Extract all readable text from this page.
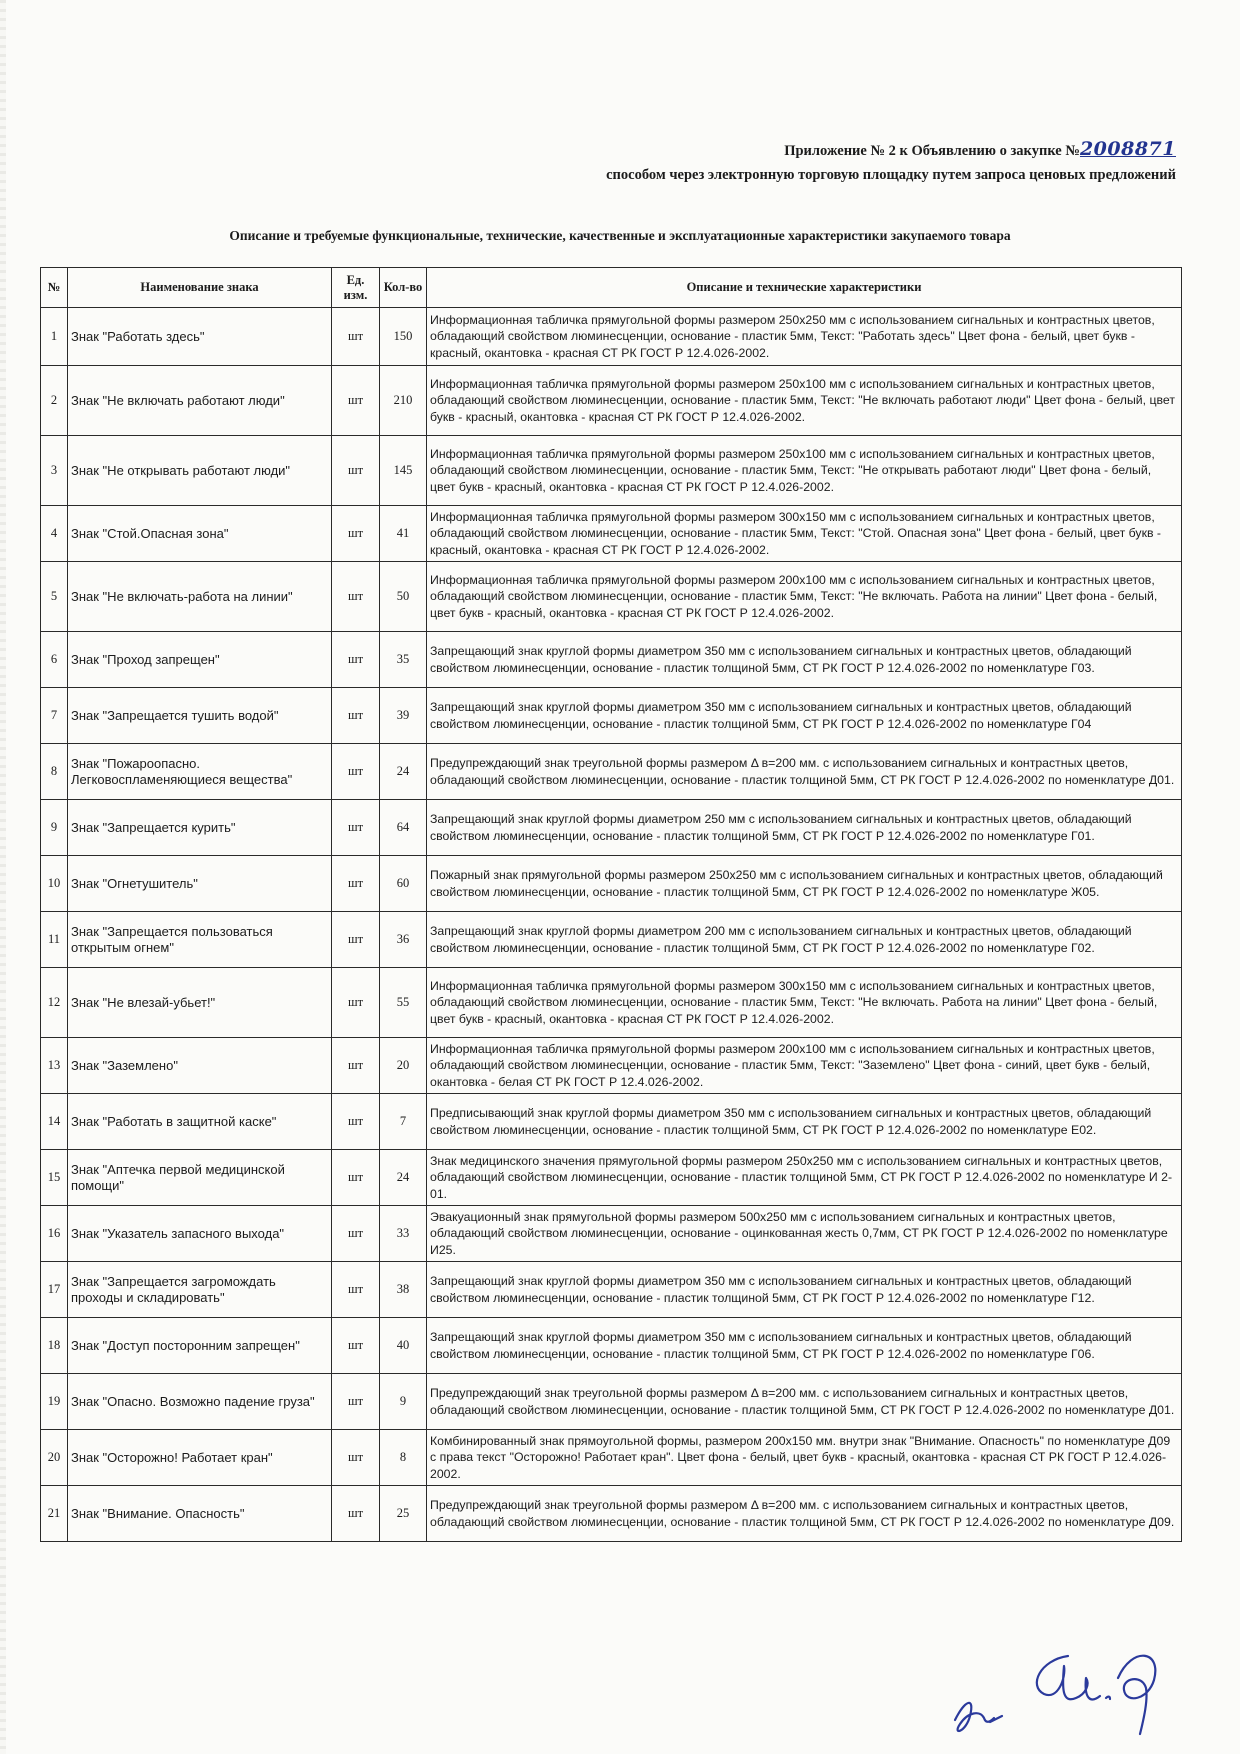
Приложение № 2 к Объявлению о закупке №2008871
способом через электронную торговую площадку путем запроса ценовых предложений
Описание и требуемые функциональные, технические, качественные и эксплуатационные характеристики закупаемого товара
№	Наименование знака	Ед. изм.	Кол-во	Описание и технические характеристики
1	Знак "Работать здесь"	шт	150	Информационная табличка прямугольной формы размером 250х250 мм с использованием сигнальных и контрастных цветов, обладающий свойством люминесценции, основание - пластик 5мм, Текст: "Работать здесь" Цвет фона - белый, цвет букв - красный, окантовка - красная СТ РК ГОСТ Р 12.4.026-2002.
2	Знак "Не включать работают люди"	шт	210	Информационная табличка прямугольной формы размером 250х100 мм с использованием сигнальных и контрастных цветов, обладающий свойством люминесценции, основание - пластик 5мм, Текст: "Не включать работают люди" Цвет фона - белый, цвет букв - красный, окантовка - красная СТ РК ГОСТ Р 12.4.026-2002.
3	Знак "Не открывать работают люди"	шт	145	Информационная табличка прямугольной формы размером 250х100 мм с использованием сигнальных и контрастных цветов, обладающий свойством люминесценции, основание - пластик 5мм, Текст: "Не открывать работают люди" Цвет фона - белый, цвет букв - красный, окантовка - красная СТ РК ГОСТ Р 12.4.026-2002.
4	Знак "Стой.Опасная зона"	шт	41	Информационная табличка прямугольной формы размером 300х150 мм с использованием сигнальных и контрастных цветов, обладающий свойством люминесценции, основание - пластик 5мм, Текст: "Стой. Опасная зона" Цвет фона - белый, цвет букв - красный, окантовка - красная СТ РК ГОСТ Р 12.4.026-2002.
5	Знак "Не включать-работа на линии"	шт	50	Информационная табличка прямугольной формы размером 200х100 мм с использованием сигнальных и контрастных цветов, обладающий свойством люминесценции, основание - пластик 5мм, Текст: "Не включать. Работа на линии" Цвет фона - белый, цвет букв - красный, окантовка - красная СТ РК ГОСТ Р 12.4.026-2002.
6	Знак "Проход запрещен"	шт	35	Запрещающий знак круглой формы диаметром 350 мм с использованием сигнальных и контрастных цветов, обладающий свойством люминесценции, основание - пластик толщиной 5мм, СТ РК ГОСТ Р 12.4.026-2002 по номенклатуре Г03.
7	Знак "Запрещается тушить водой"	шт	39	Запрещающий знак круглой формы диаметром 350 мм с использованием сигнальных и контрастных цветов, обладающий свойством люминесценции, основание - пластик толщиной 5мм, СТ РК ГОСТ Р 12.4.026-2002 по номенклатуре Г04
8	Знак "Пожароопасно. Легковоспламеняющиеся вещества"	шт	24	Предупреждающий знак треугольной формы размером Δ в=200 мм. с использованием сигнальных и контрастных цветов, обладающий свойством люминесценции, основание - пластик толщиной 5мм, СТ РК ГОСТ Р 12.4.026-2002 по номенклатуре Д01.
9	Знак "Запрещается курить"	шт	64	Запрещающий знак круглой формы диаметром 250 мм с использованием сигнальных и контрастных цветов, обладающий свойством люминесценции, основание - пластик толщиной 5мм, СТ РК ГОСТ Р 12.4.026-2002 по номенклатуре Г01.
10	Знак "Огнетушитель"	шт	60	Пожарный знак прямугольной формы размером 250х250 мм с использованием сигнальных и контрастных цветов, обладающий свойством люминесценции, основание - пластик толщиной 5мм, СТ РК ГОСТ Р 12.4.026-2002 по номенклатуре Ж05.
11	Знак "Запрещается пользоваться открытым огнем"	шт	36	Запрещающий знак круглой формы диаметром 200 мм с использованием сигнальных и контрастных цветов, обладающий свойством люминесценции, основание - пластик толщиной 5мм, СТ РК ГОСТ Р 12.4.026-2002 по номенклатуре Г02.
12	Знак "Не влезай-убьет!"	шт	55	Информационная табличка прямугольной формы размером 300х150 мм с использованием сигнальных и контрастных цветов, обладающий свойством люминесценции, основание - пластик 5мм, Текст: "Не включать. Работа на линии" Цвет фона - белый, цвет букв - красный, окантовка - красная СТ РК ГОСТ Р 12.4.026-2002.
13	Знак "Заземлено"	шт	20	Информационная табличка прямугольной формы размером 200х100 мм с использованием сигнальных и контрастных цветов, обладающий свойством люминесценции, основание - пластик 5мм, Текст: "Заземлено" Цвет фона - синий, цвет букв - белый, окантовка - белая СТ РК ГОСТ Р 12.4.026-2002.
14	Знак "Работать в защитной каске"	шт	7	Предписывающий знак круглой формы диаметром 350 мм с использованием сигнальных и контрастных цветов, обладающий свойством люминесценции, основание - пластик толщиной 5мм, СТ РК ГОСТ Р 12.4.026-2002 по номенклатуре Е02.
15	Знак "Аптечка первой медицинской помощи"	шт	24	Знак медицинского значения прямугольной формы размером 250х250 мм с использованием сигнальных и контрастных цветов, обладающий свойством люминесценции, основание - пластик толщиной 5мм, СТ РК ГОСТ Р 12.4.026-2002 по номенклатуре И 2-01.
16	Знак "Указатель запасного выхода"	шт	33	Эвакуационный знак прямугольной формы размером 500х250 мм с использованием сигнальных и контрастных цветов, обладающий свойством люминесценции, основание - оцинкованная жесть 0,7мм, СТ РК ГОСТ Р 12.4.026-2002 по номенклатуре И25.
17	Знак "Запрещается загромождать проходы и складировать"	шт	38	Запрещающий знак круглой формы диаметром 350 мм с использованием сигнальных и контрастных цветов, обладающий свойством люминесценции, основание - пластик толщиной 5мм, СТ РК ГОСТ Р 12.4.026-2002 по номенклатуре Г12.
18	Знак "Доступ посторонним запрещен"	шт	40	Запрещающий знак круглой формы диаметром 350 мм с использованием сигнальных и контрастных цветов, обладающий свойством люминесценции, основание - пластик толщиной 5мм, СТ РК ГОСТ Р 12.4.026-2002 по номенклатуре Г06.
19	Знак "Опасно. Возможно падение груза"	шт	9	Предупреждающий знак треугольной формы размером Δ в=200 мм. с использованием сигнальных и контрастных цветов, обладающий свойством люминесценции, основание - пластик толщиной 5мм, СТ РК ГОСТ Р 12.4.026-2002 по номенклатуре Д01.
20	Знак "Осторожно! Работает кран"	шт	8	Комбинированный знак прямоугольной формы, размером 200х150 мм. внутри знак "Внимание. Опасность" по номенклатуре Д09 с права текст "Осторожно! Работает кран". Цвет фона - белый, цвет букв - красный, окантовка - красная СТ РК ГОСТ Р 12.4.026-2002.
21	Знак "Внимание. Опасность"	шт	25	Предупреждающий знак треугольной формы размером Δ в=200 мм. с использованием сигнальных и контрастных цветов, обладающий свойством люминесценции, основание - пластик толщиной 5мм, СТ РК ГОСТ Р 12.4.026-2002 по номенклатуре Д09.
